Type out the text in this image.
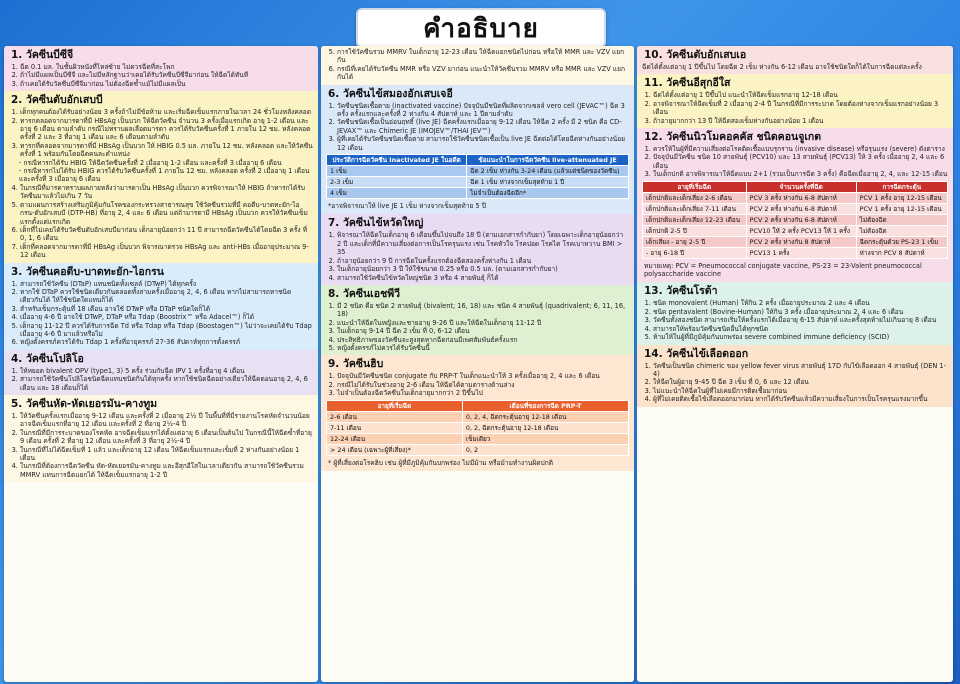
คำอธิบาย
1. วัคซีนบีซีจี
1. ฉีด 0.1 มล. ในชั้นผิวหนังที่ไหล่ซ้าย ไม่ควรฉีดที่สะโพก
2. ถ้าไม่มีแผลเป็นบีซีจี และไม่มีหลักฐานว่าเคยได้รับวัคซีนบีซีจีมาก่อน ให้ฉีดได้ทันที
3. ถ้าเคยได้รับวัคซีนบีซีจีมาก่อน ไม่ต้องฉีดซ้ำแม้ไม่มีแผลเป็น
2. วัคซีนตับอักเสบบี
1. เด็กทุกคนต้องได้รับอย่างน้อย 3 ครั้งถ้าไม่มีข้อห้าม และเริ่มฉีดเข็มแรกภายในเวลา 24 ชั่วโมงหลังคลอด
2. ทารกคลอดจากมารดาที่มี HBsAg เป็นบวก ให้ฉีดวัคซีน จำนวน 3 ครั้งเมื่อแรกเกิด อายุ 1-2 เดือน และอายุ 6 เดือน ตามลำดับ กรณีไม่ทราบผลเลือดมารดา ควรได้รับวัคซีนครั้งที่ 1 ภายใน 12 ชม. หลังคลอด ครั้งที่ 2 และ 3 ที่อายุ 1 เดือน และ 6 เดือนตามลำดับ
3. ทารกที่คลอดจากมารดาที่มี HBsAg เป็นบวก ให้ HBIG 0.5 มล. ภายใน 12 ชม. หลังคลอด และให้วัคซีนครั้งที่ 1 พร้อมกันโดยฉีดคนละตำแหน่ง
- กรณีทารกได้รับ HBIG ให้ฉีดวัคซีนครั้งที่ 2 เมื่ออายุ 1-2 เดือน และครั้งที่ 3 เมื่ออายุ 6 เดือน
- กรณีทารกไม่ได้รับ HBIG ควรได้รับวัคซีนครั้งที่ 1 ภายใน 12 ชม. หลังคลอด ครั้งที่ 2 เมื่ออายุ 1 เดือน และครั้งที่ 3 เมื่ออายุ 6 เดือน
4. ในกรณีที่มารดาทราบผลภายหลังว่ามารดาเป็น HBsAg เป็นบวก ควรพิจารณาให้ HBIG ถ้าทารกได้รับวัคซีนมาแล้วไม่เกิน 7 วัน
5. ตามแผนการสร้างเสริมภูมิคุ้มกันโรคของกระทรวงสาธารณสุข ใช้วัคซีนรวมที่มี คอตีบ-บาดทะยัก-ไอกรน-ตับอักเสบบี (DTP-HB) ที่อายุ 2, 4 และ 6 เดือน แต่ถ้ามารดามี HBsAg เป็นบวก ควรให้วัคซีนเข็มแรกตั้งแต่แรกเกิด
6. เด็กที่ไม่เคยได้รับวัคซีนตับอักเสบบีมาก่อน เด็กอายุน้อยกว่า 11 ปี สามารถฉีดวัคซีนได้โดยฉีด 3 ครั้ง ที่ 0, 1, 6 เดือน
7. เด็กที่คลอดจากมารดาที่มี HBsAg เป็นบวก พิจารณาตรวจ HBsAg และ anti-HBs เมื่ออายุประมาณ 9-12 เดือน
3. วัคซีนคอตีบ-บาดทะยัก-ไอกรน
1. สามารถใช้วัคซีน (DTaP) แทนชนิดทั้งเซลล์ (DTwP) ได้ทุกครั้ง
2. หากใช้ DTaP ควรใช้ชนิดเดียวกันตลอดทั้งสามครั้งเมื่ออายุ 2, 4, 6 เดือน หากไม่สามารถหาชนิดเดียวกันได้ ให้ใช้ชนิดใดแทนก็ได้
3. สำหรับเข็มกระตุ้นที่ 18 เดือน อาจใช้ DTwP หรือ DTaP ชนิดใดก็ได้
4. เมื่ออายุ 4-6 ปี อาจใช้ DTwP, DTaP หรือ Tdap (Boostrix™ หรือ Adacel™) ก็ได้
5. เด็กอายุ 11-12 ปี ควรได้รับการฉีด Td หรือ Tdap หรือ Tdap (Boostagen™) ไม่ว่าจะเคยได้รับ Tdap เมื่ออายุ 4-6 ปี มาแล้วหรือไม่
6. หญิงตั้งครรภ์ควรได้รับ Tdap 1 ครั้งที่อายุครรภ์ 27-36 สัปดาห์ทุกการตั้งครรภ์
4. วัคซีนโปลิโอ
1. ให้หยอด bivalent OPV (type1, 3) 5 ครั้ง ร่วมกับฉีด IPV 1 ครั้งที่อายุ 4 เดือน
2. สามารถใช้วัคซีนโปลิโอชนิดฉีดแทนชนิดกินได้ทุกครั้ง หากใช้ชนิดฉีดอย่างเดียวให้ฉีดตอนอายุ 2, 4, 6 เดือน และ 18 เดือนก็ได้
5. วัคซีนหัด-หัดเยอรมัน-คางทูม
1. ให้วัคซีนครั้งแรกเมื่ออายุ 9-12 เดือน และครั้งที่ 2 เมื่ออายุ 2½ ปี ในพื้นที่ที่มีรายงานโรคหัดจำนวนน้อย อาจฉีดเข็มแรกที่อายุ 12 เดือน และครั้งที่ 2 ที่อายุ 2½-4 ปี
2. ในกรณีที่มีการระบาดของโรคหัด อาจฉีดเข็มแรกได้ตั้งแต่อายุ 6 เดือนเป็นต้นไป ในกรณีนี้ให้ฉีดซ้ำที่อายุ 9 เดือน ครั้งที่ 2 ที่อายุ 12 เดือน และครั้งที่ 3 ที่อายุ 2½-4 ปี
3. ในกรณีที่ไม่ได้ฉีดเข็มที่ 1 แล้ว และเด็กอายุ 12 เดือน ให้ฉีดเข็มแรกและเข็มที่ 2 ห่างกันอย่างน้อย 1 เดือน
4. ในกรณีที่ต้องการฉีดวัคซีน หัด-หัดเยอรมัน-คางทูม และอีสุกอีใสในเวลาเดียวกัน สามารถใช้วัคซีนรวม MMRV แทนการฉีดแยกได้ ให้ฉีดเข็มแรกอายุ 1-2 ปี
5. การใช้วัคซีนรวม MMRV ในเด็กอายุ 12-23 เดือน ให้ฉีดแยกชนิดไปก่อน หรือให้ MMR และ VZV แยกกัน
6. กรณีที่เคยได้รับวัคซีน MMR หรือ VZV มาก่อน แนะนำให้วัคซีนรวม MMRV หรือ MMR และ VZV แยกกันได้
6. วัคซีนไข้สมองอักเสบเจอี
1. วัคซีนชนิดเชื้อตาย (inactivated vaccine) ปัจจุบันมีชนิดที่ผลิตจากเซลล์ vero cell (JEVAC™) ฉีด 3 ครั้ง ครั้งแรกและครั้งที่ 2 ห่างกัน 4 สัปดาห์ และ 1 ปีตามลำดับ
2. วัคซีนชนิดเชื้อเป็นอ่อนฤทธิ์ (live JE) ฉีดครั้งแรกเมื่ออายุ 9-12 เดือน ให้ฉีด 2 ครั้ง มี 2 ชนิด คือ CD-JEVAX™ และ Chimeric JE (IMOJEV™/THAI JEV™)
3. ผู้ที่เคยได้รับวัคซีนชนิดเชื้อตาย สามารถใช้วัคซีนชนิดเชื้อเป็น live JE ฉีดต่อได้โดยฉีดห่างกันอย่างน้อย 12 เดือน
ประวัติการฉีดวัคซีน Inactivated JE ในอดีต	ข้อแนะนำในการฉีดวัคซีน live-attenuated JE
1 เข็ม	ฉีด 2 เข็ม ห่างกัน 3-24 เดือน (แล้วแต่ชนิดของวัคซีน)
2-3 เข็ม	ฉีด 1 เข็ม ห่างจากเข็มสุดท้าย 1 ปี
4 เข็ม	ไม่จำเป็นต้องฉีดอีก*

*อาจพิจารณาให้ live JE 1 เข็ม ห่างจากเข็มสุดท้าย 5 ปี

7. วัคซีนไข้หวัดใหญ่
1. พิจารณาให้ฉีดในเด็กอายุ 6 เดือนขึ้นไปจนถึง 18 ปี (ตามเอกสารกำกับยา) โดยเฉพาะเด็กอายุน้อยกว่า 2 ปี และเด็กที่มีความเสี่ยงต่อการเป็นโรครุนแรง เช่น โรคหัวใจ โรคปอด โรคไต โรคเบาหวาน BMI > 35
2. ถ้าอายุน้อยกว่า 9 ปี การฉีดในครั้งแรกต้องฉีดสองครั้งห่างกัน 1 เดือน
3. ในเด็กอายุน้อยกว่า 3 ปี ให้ใช้ขนาด 0.25 หรือ 0.5 มล. (ตามเอกสารกำกับยา)
4. สามารถใช้วัคซีนไข้หวัดใหญ่ชนิด 3 หรือ 4 สายพันธุ์ ก็ได้
8. วัคซีนเอชพีวี
1. มี 2 ชนิด คือ ชนิด 2 สายพันธุ์ (bivalent; 16, 18) และ ชนิด 4 สายพันธุ์ (quadrivalent; 6, 11, 16, 18)
2. แนะนำให้ฉีดในหญิงและชายอายุ 9-26 ปี และให้ฉีดในเด็กอายุ 11-12 ปี
3. ในเด็กอายุ 9-14 ปี ฉีด 2 เข็ม ที่ 0, 6-12 เดือน
4. ประสิทธิภาพของวัคซีนจะสูงสุดหากฉีดก่อนมีเพศสัมพันธ์ครั้งแรก
5. หญิงตั้งครรภ์ไม่ควรได้รับวัคซีนนี้
9. วัคซีนฮิบ
1. ปัจจุบันมีวัคซีนชนิด conjugate กับ PRP-T ในเด็กแนะนำให้ 3 ครั้งเมื่ออายุ 2, 4 และ 6 เดือน
2. กรณีไม่ได้รับในช่วงอายุ 2-6 เดือน ให้ฉีดได้ตามตารางด้านล่าง
3. ไม่จำเป็นต้องฉีดวัคซีนในเด็กอายุมากกว่า 2 ปีขึ้นไป
อายุที่เริ่มฉีด	เดือนที่ของการฉีด PRP-T
2-6 เดือน	0, 2, 4, ฉีดกระตุ้นอายุ 12-18 เดือน
7-11 เดือน	0, 2, ฉีดกระตุ้นอายุ 12-18 เดือน
12-24 เดือน	เข็มเดียว
> 24 เดือน (เฉพาะผู้ที่เสี่ยง)*	0, 2

* ผู้ที่เสี่ยงต่อโรคฮิบ เช่น ผู้ที่มีภูมิคุ้มกันบกพร่อง ไม่มีม้าม หรือม้ามทำงานผิดปกติ

10. วัคซีนตับอักเสบเอ

ฉีดได้ตั้งแต่อายุ 1 ปีขึ้นไป โดยฉีด 2 เข็ม ห่างกัน 6-12 เดือน อาจใช้ชนิดใดก็ได้ในการฉีดแต่ละครั้ง

11. วัคซีนอีสุกอีใส
1. ฉีดได้ตั้งแต่อายุ 1 ปีขึ้นไป แนะนำให้ฉีดเข็มแรกอายุ 12-18 เดือน
2. อาจพิจารณาให้ฉีดเข็มที่ 2 เมื่ออายุ 2-4 ปี ในกรณีที่มีการระบาด โดยต้องห่างจากเข็มแรกอย่างน้อย 3 เดือน
3. ถ้าอายุมากกว่า 13 ปี ให้ฉีดสองเข็มห่างกันอย่างน้อย 1 เดือน
12. วัคซีนนิวโมคอคคัส ชนิดคอนจูเกต
1. ควรให้ในผู้ที่มีความเสี่ยงต่อโรคติดเชื้อแบบรุกราน (invasive disease) หรือรุนแรง (severe) ดังตาราง
2. ปัจจุบันมีวัคซีน ชนิด 10 สายพันธุ์ (PCV10) และ 13 สายพันธุ์ (PCV13) ให้ 3 ครั้ง เมื่ออายุ 2, 4 และ 6 เดือน
3. ในเด็กปกติ อาจพิจารณาให้ฉีดแบบ 2+1 (รวมเป็นการฉีด 3 ครั้ง) คือฉีดเมื่ออายุ 2, 4, และ 12-15 เดือน
อายุที่เริ่มฉีด	จำนวนครั้งที่ฉีด	การฉีดกระตุ้น
เด็กปกติและเด็กเสี่ยง 2-6 เดือน	PCV 3 ครั้ง ห่างกัน 6-8 สัปดาห์	PCV 1 ครั้ง อายุ 12-15 เดือน
เด็กปกติและเด็กเสี่ยง 7-11 เดือน	PCV 2 ครั้ง ห่างกัน 6-8 สัปดาห์	PCV 1 ครั้ง อายุ 12-15 เดือน
เด็กปกติและเด็กเสี่ยง 12-23 เดือน	PCV 2 ครั้ง ห่างกัน 6-8 สัปดาห์	ไม่ต้องฉีด
เด็กปกติ 2-5 ปี	PCV10 ให้ 2 ครั้ง PCV13 ให้ 1 ครั้ง	ไม่ต้องฉีด
เด็กเสี่ยง - อายุ 2-5 ปี	PCV 2 ครั้ง ห่างกัน 8 สัปดาห์	ฉีดกระตุ้นด้วย PS-23 1 เข็ม
- อายุ 6-18 ปี	PCV13 1 ครั้ง	ห่างจาก PCV 8 สัปดาห์

หมายเหตุ: PCV = Pneumococcal conjugate vaccine, PS-23 = 23-Valent pneumococcal polysaccharide vaccine

13. วัคซีนโรต้า
1. ชนิด monovalent (Human) ให้กิน 2 ครั้ง เมื่ออายุประมาณ 2 และ 4 เดือน
2. ชนิด pentavalent (Bovine-Human) ให้กิน 3 ครั้ง เมื่ออายุประมาณ 2, 4 และ 6 เดือน
3. วัคซีนทั้งสองชนิด สามารถเริ่มให้ครั้งแรกได้เมื่ออายุ 6-15 สัปดาห์ และครั้งสุดท้ายไม่เกินอายุ 8 เดือน
4. สามารถให้พร้อมวัคซีนชนิดอื่นได้ทุกชนิด
5. ห้ามให้ในผู้ที่มีภูมิคุ้มกันบกพร่อง severe combined immune deficiency (SCID)
14. วัคซีนไข้เลือดออก
1. วัคซีนเป็นชนิด chimeric ของ yellow fever virus สายพันธุ์ 17D กับไข้เลือดออก 4 สายพันธุ์ (DEN 1-4)
2. ให้ฉีดในผู้อายุ 9-45 ปี ฉีด 3 เข็ม ที่ 0, 6 และ 12 เดือน
3. ไม่แนะนำให้ฉีดในผู้ที่ไม่เคยมีการติดเชื้อมาก่อน
4. ผู้ที่ไม่เคยติดเชื้อไข้เลือดออกมาก่อน หากได้รับวัคซีนแล้วมีความเสี่ยงในการเป็นโรครุนแรงมากขึ้น
